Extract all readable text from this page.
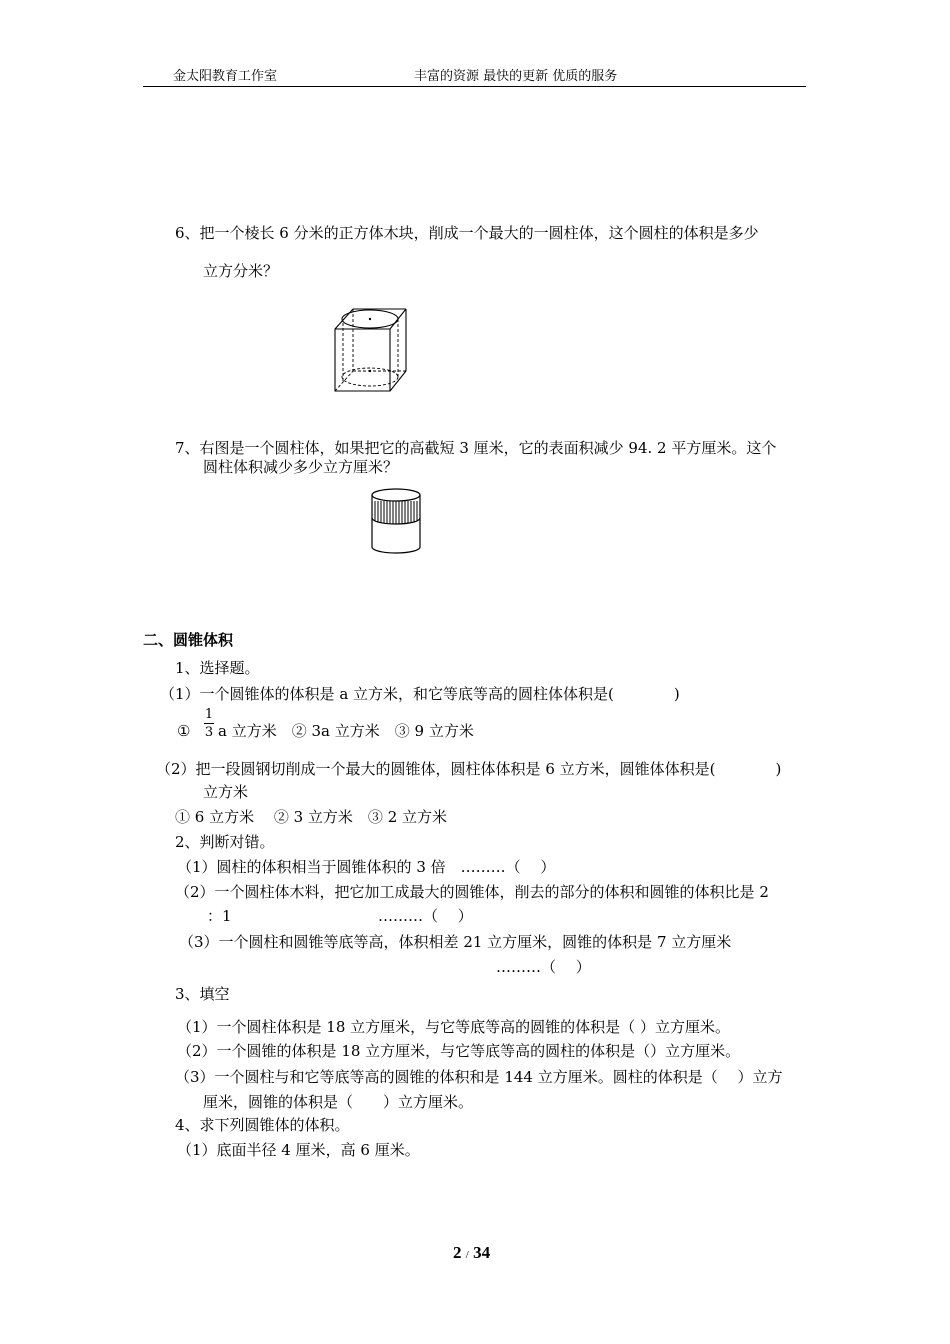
金太阳教育工作室	丰富的资源 最快的更新 优质的服务
6、把一个棱长 6 分米的正方体木块，削成一个最大的一圆柱体，这个圆柱的体积是多少
立方分米？
7、右图是一个圆柱体，如果把它的高截短 3 厘米，它的表面积减少 94. 2 平方厘米。这个
圆柱体积减少多少立方厘米？
二、圆锥体积
1、选择题。
（1）一个圆锥体的体积是 a 立方米，和它等底等高的圆柱体体积是(　　　　)
①
1
3 a 立方米　② 3a 立方米　③ 9 立方米
（2）把一段圆钢切削成一个最大的圆锥体，圆柱体体积是 6 立方米，圆锥体体积是(　　　　)
立方米
① 6 立方米　 ② 3 立方米　③ 2 立方米
2、判断对错。
（1）圆柱的体积相当于圆锥体积的 3 倍　………（　 ）
（2）一个圆柱体木料，把它加工成最大的圆锥体，削去的部分的体积和圆锥的体积比是 2
：1	………（　 ）
（3）一个圆柱和圆锥等底等高，体积相差 21 立方厘米，圆锥的体积是 7 立方厘米
………（　 ）
3、填空
（1）一个圆柱体积是 18 立方厘米，与它等底等高的圆锥的体积是（ ）立方厘米。
（2）一个圆锥的体积是 18 立方厘米，与它等底等高的圆柱的体积是（）立方厘米。
（3）一个圆柱与和它等底等高的圆锥的体积和是 144 立方厘米。圆柱的体积是（　 ）立方
厘米，圆锥的体积是（　　）立方厘米。
4、求下列圆锥体的体积。
（1）底面半径 4 厘米，高 6 厘米。
2 / 34
